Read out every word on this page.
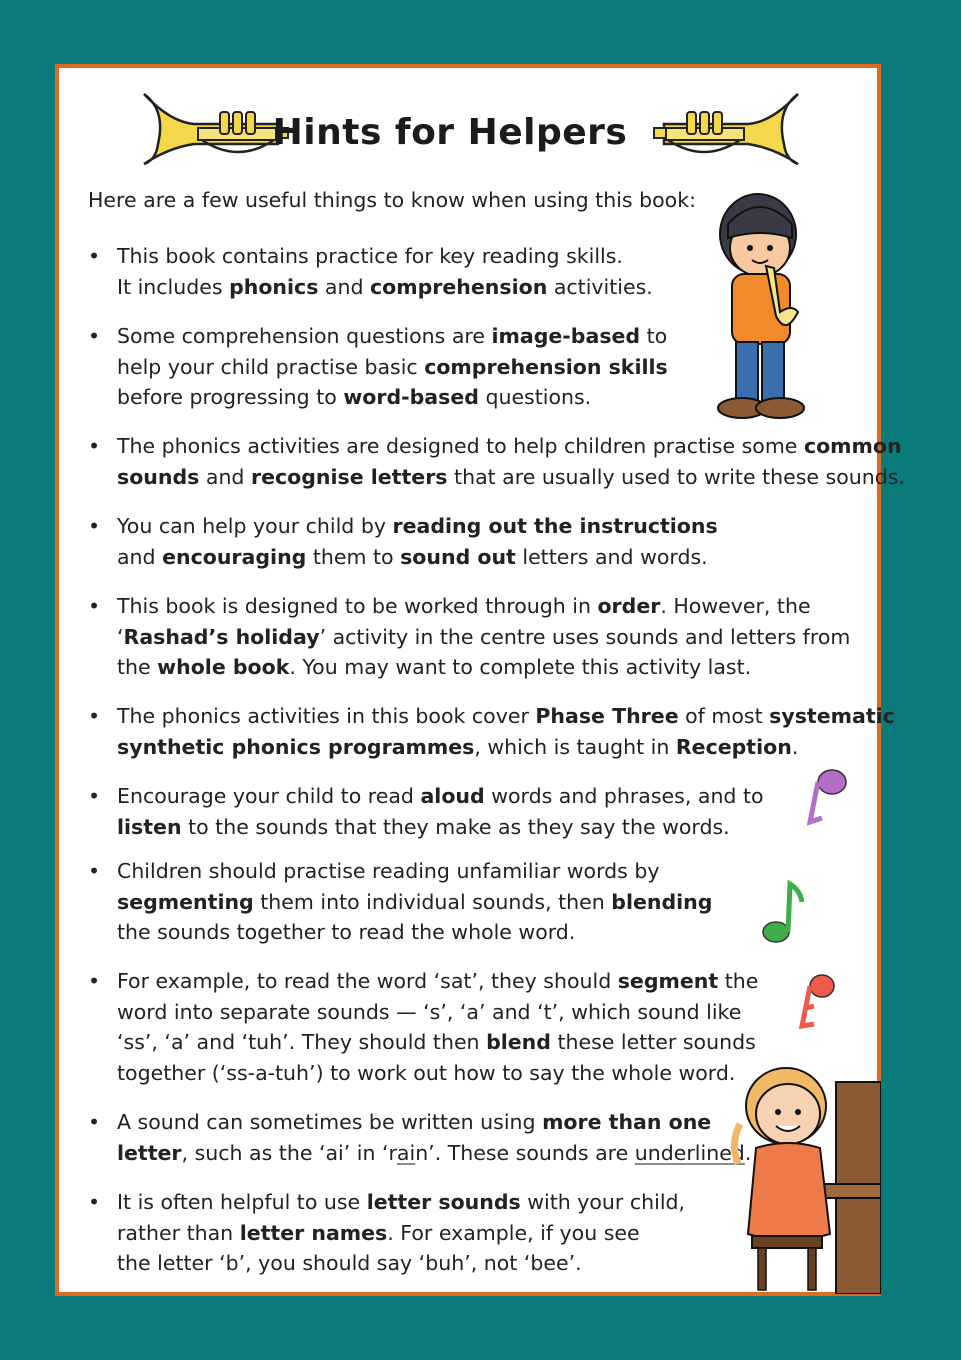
Hints for Helpers
Here are a few useful things to know when using this book:
• This book contains practice for key reading skills.
It includes phonics and comprehension activities.
• Some comprehension questions are image-based to
help your child practise basic comprehension skills
before progressing to word-based questions.
• The phonics activities are designed to help children practise some common
sounds and recognise letters that are usually used to write these sounds.
• You can help your child by reading out the instructions
and encouraging them to sound out letters and words.
• This book is designed to be worked through in order. However, the
‘Rashad’s holiday’ activity in the centre uses sounds and letters from
the whole book. You may want to complete this activity last.
• The phonics activities in this book cover Phase Three of most systematic
synthetic phonics programmes, which is taught in Reception.
• Encourage your child to read aloud words and phrases, and to
listen to the sounds that they make as they say the words.
• Children should practise reading unfamiliar words by
segmenting them into individual sounds, then blending
the sounds together to read the whole word.
• For example, to read the word ‘sat’, they should segment the
word into separate sounds — ‘s’, ‘a’ and ‘t’, which sound like
‘ss’, ‘a’ and ‘tuh’. They should then blend these letter sounds
together (‘ss-a-tuh’) to work out how to say the whole word.
• A sound can sometimes be written using more than one
letter, such as the ‘ai’ in ‘rain’. These sounds are underlined.
• It is often helpful to use letter sounds with your child,
rather than letter names. For example, if you see
the letter ‘b’, you should say ‘buh’, not ‘bee’.
